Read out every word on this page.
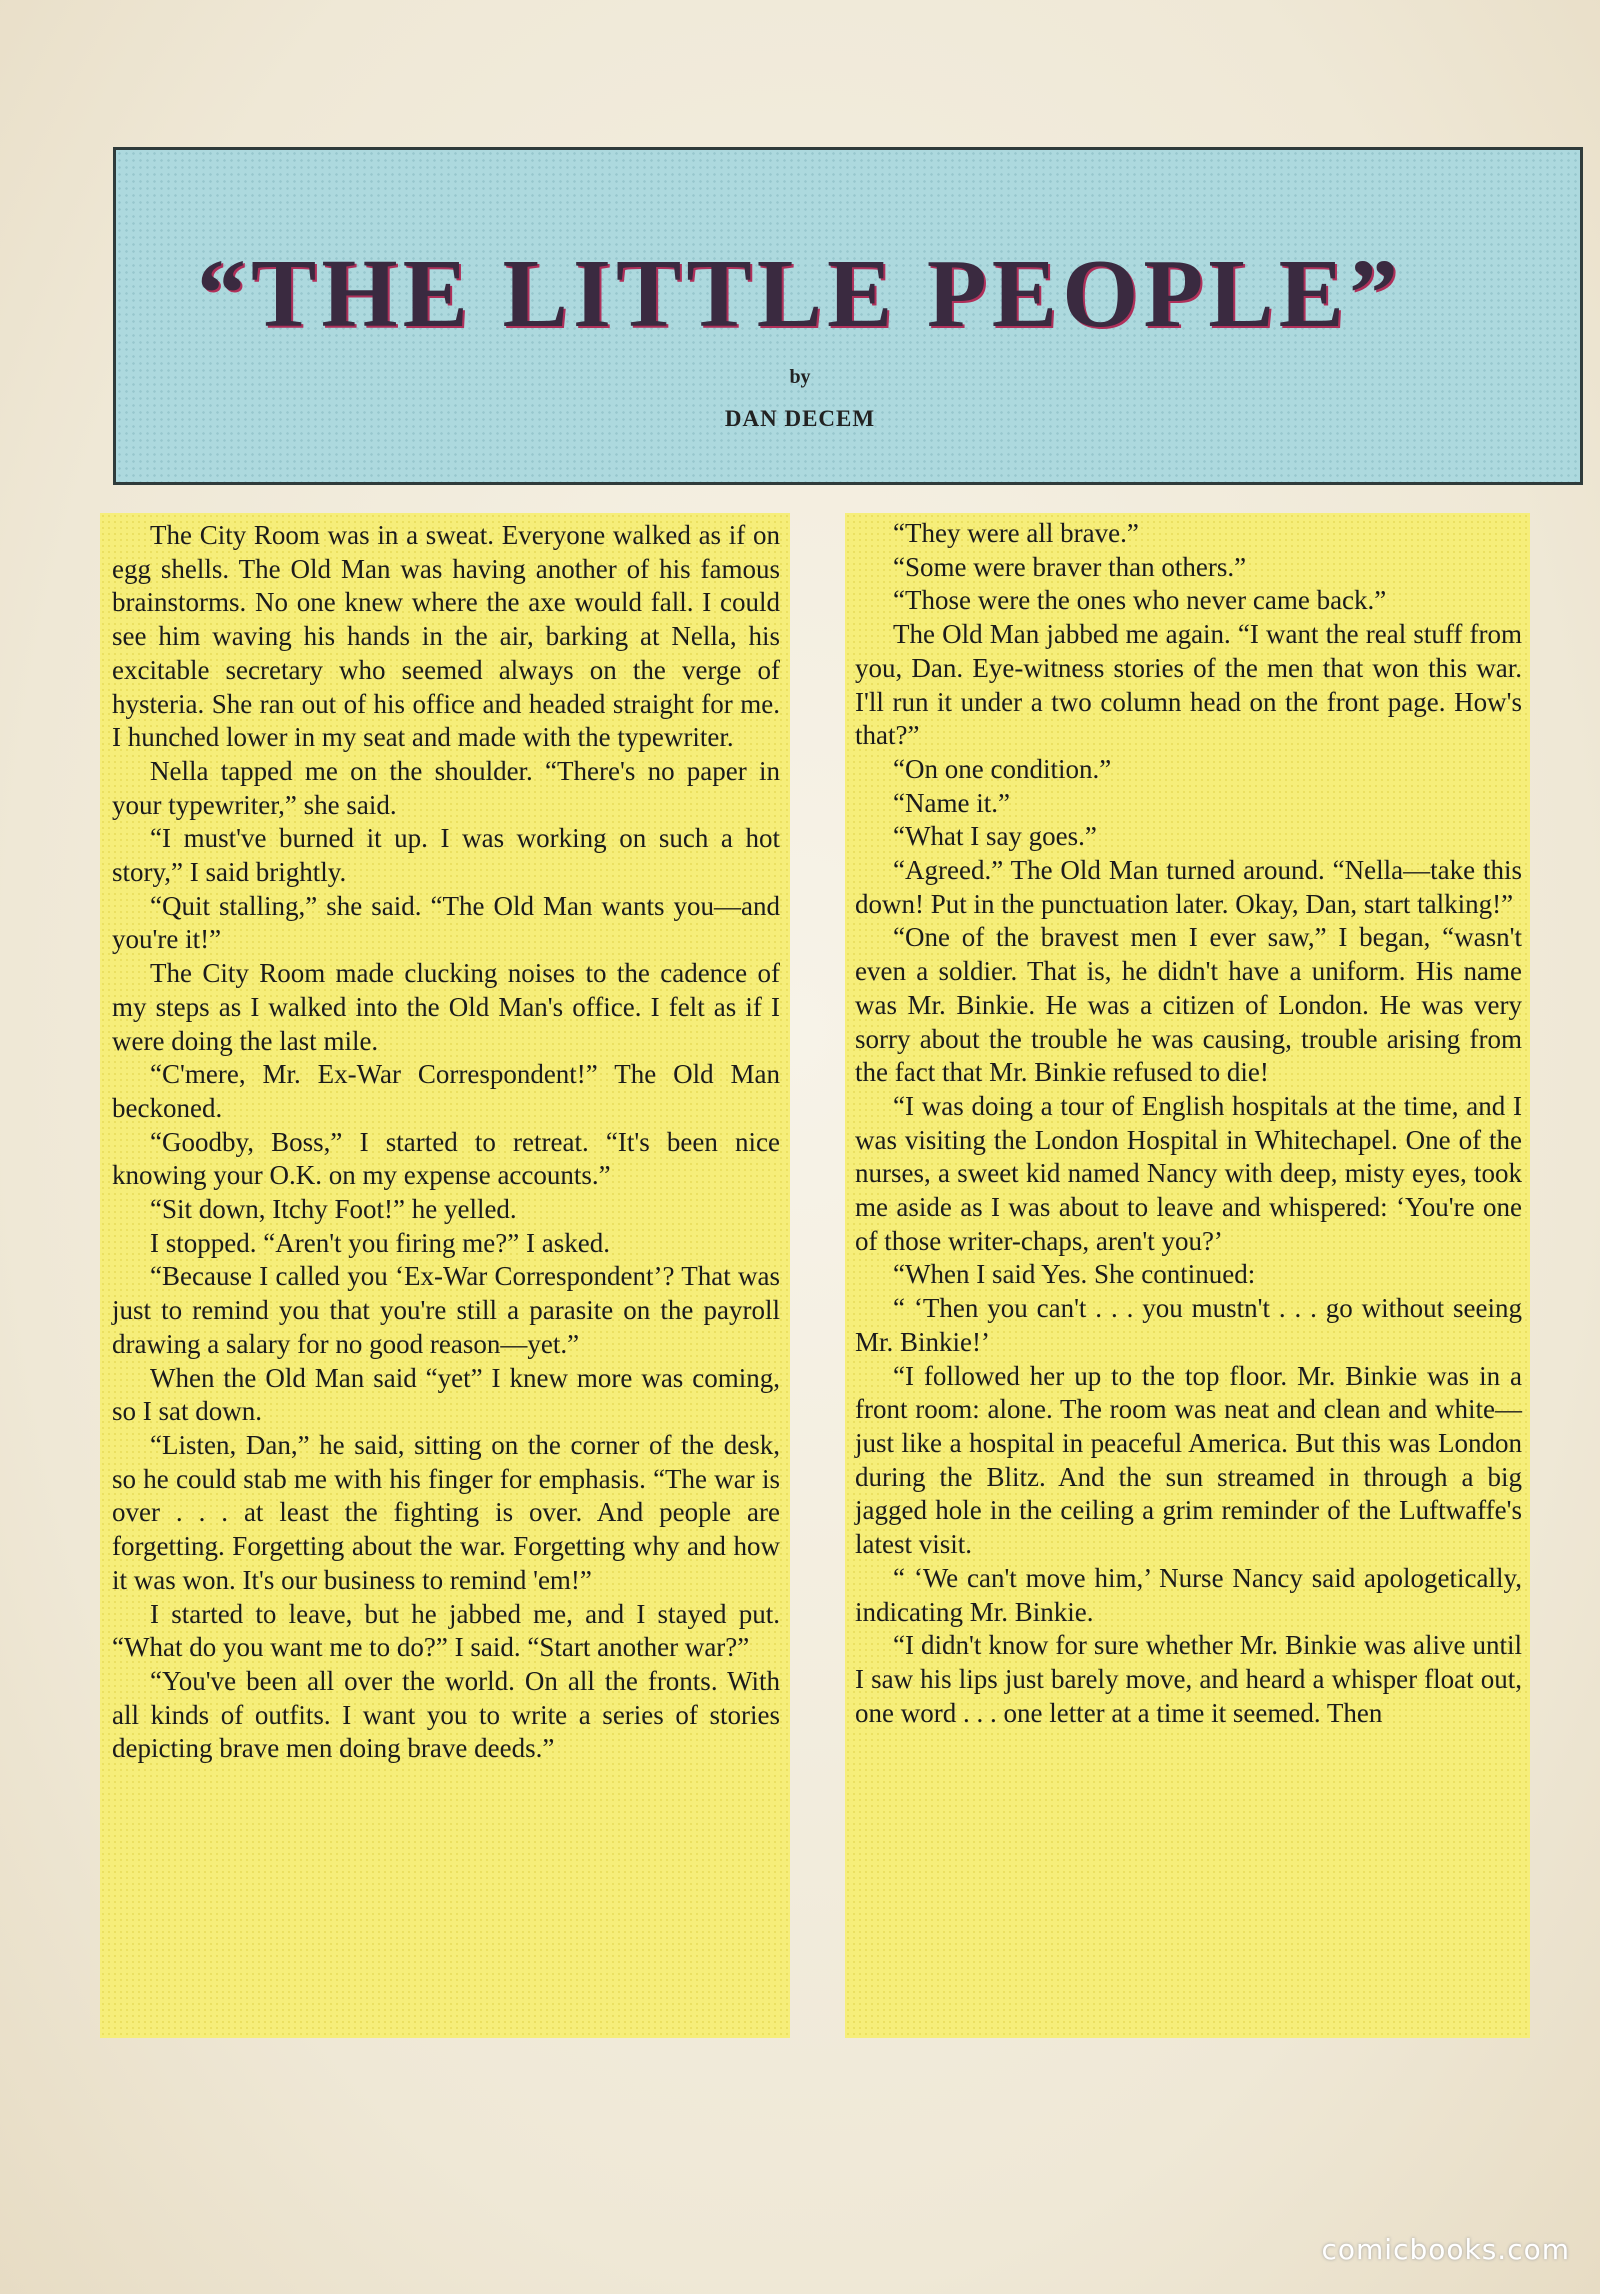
“THE LITTLE PEOPLE”
by
DAN DECEM

The City Room was in a sweat. Everyone walked as if on egg shells. The Old Man was having another of his famous brainstorms. No one knew where the axe would fall. I could see him waving his hands in the air, barking at Nella, his excitable secretary who seemed always on the verge of hysteria. She ran out of his office and headed straight for me. I hunched lower in my seat and made with the typewriter.

Nella tapped me on the shoulder. “There's no paper in your typewriter,” she said.

“I must've burned it up. I was working on such a hot story,” I said brightly.

“Quit stalling,” she said. “The Old Man wants you—and you're it!”

The City Room made clucking noises to the cadence of my steps as I walked into the Old Man's office. I felt as if I were doing the last mile.

“C'mere, Mr. Ex-War Correspondent!” The Old Man beckoned.

“Goodby, Boss,” I started to retreat. “It's been nice knowing your O.K. on my expense accounts.”

“Sit down, Itchy Foot!” he yelled.

I stopped. “Aren't you firing me?” I asked.

“Because I called you ‘Ex-War Correspondent’? That was just to remind you that you're still a parasite on the payroll drawing a salary for no good reason—yet.”

When the Old Man said “yet” I knew more was coming, so I sat down.

“Listen, Dan,” he said, sitting on the corner of the desk, so he could stab me with his finger for emphasis. “The war is over . . . at least the fighting is over. And people are forgetting. Forgetting about the war. Forgetting why and how it was won. It's our business to remind 'em!”

I started to leave, but he jabbed me, and I stayed put. “What do you want me to do?” I said. “Start another war?”

“You've been all over the world. On all the fronts. With all kinds of outfits. I want you to write a series of stories depicting brave men doing brave deeds.”

“They were all brave.”

“Some were braver than others.”

“Those were the ones who never came back.”

The Old Man jabbed me again. “I want the real stuff from you, Dan. Eye-witness stories of the men that won this war. I'll run it under a two column head on the front page. How's that?”

“On one condition.”

“Name it.”

“What I say goes.”

“Agreed.” The Old Man turned around. “Nella—take this down! Put in the punctuation later. Okay, Dan, start talking!”

“One of the bravest men I ever saw,” I began, “wasn't even a soldier. That is, he didn't have a uniform. His name was Mr. Binkie. He was a citizen of London. He was very sorry about the trouble he was causing, trouble arising from the fact that Mr. Binkie refused to die!

“I was doing a tour of English hospitals at the time, and I was visiting the London Hospital in Whitechapel. One of the nurses, a sweet kid named Nancy with deep, misty eyes, took me aside as I was about to leave and whispered: ‘You're one of those writer-chaps, aren't you?’

“When I said Yes. She continued:

“ ‘Then you can't . . . you mustn't . . . go without seeing Mr. Binkie!’

“I followed her up to the top floor. Mr. Binkie was in a front room: alone. The room was neat and clean and white—just like a hospital in peaceful America. But this was London during the Blitz. And the sun streamed in through a big jagged hole in the ceiling a grim reminder of the Luftwaffe's latest visit.

“ ‘We can't move him,’ Nurse Nancy said apologetically, indicating Mr. Binkie.

“I didn't know for sure whether Mr. Binkie was alive until I saw his lips just barely move, and heard a whisper float out, one word . . . one letter at a time it seemed. Then

comicbooks.com
